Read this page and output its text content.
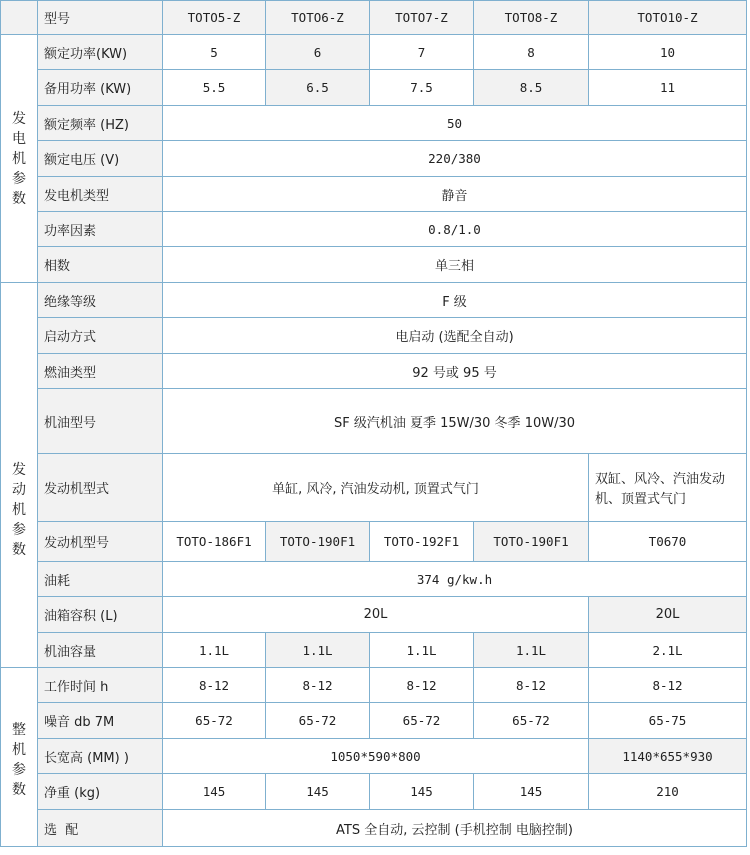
	型号	TOTO5-Z	TOTO6-Z	TOTO7-Z	TOTO8-Z	TOTO10-Z

发
电
机
参
数	额定功率(KW)	5	6	7	8	10
	备用功率 (KW)	5.5	6.5	7.5	8.5	11
	额定频率 (HZ)	50				
	额定电压 (V)	220/380				
	发电机类型	静音				
	功率因素	0.8/1.0				
	相数	单三相				

发
动
机
参
数	绝缘等级	F 级				
	启动方式	电启动 (选配全自动)				
	燃油类型	92 号或 95 号				
	机油型号	SF 级汽机油 夏季 15W/30 冬季 10W/30				
	发动机型式	单缸, 风冷, 汽油发动机, 顶置式气门				双缸、风冷、汽油发动机、顶置式气门
	发动机型号	TOTO-186F1	TOTO-190F1	TOTO-192F1	TOTO-190F1	T0670
	油耗	374 g/kw.h				
	油箱容积 (L)	20L				20L
	机油容量	1.1L	1.1L	1.1L	1.1L	2.1L

整
机
参
数	工作时间 h	8-12	8-12	8-12	8-12	8-12
	噪音 db 7M	65-72	65-72	65-72	65-72	65-75
	长宽高 (MM) )	1050*590*800				1140*655*930
	净重 (kg)	145	145	145	145	210
	选  配	ATS 全自动, 云控制 (手机控制 电脑控制)				
